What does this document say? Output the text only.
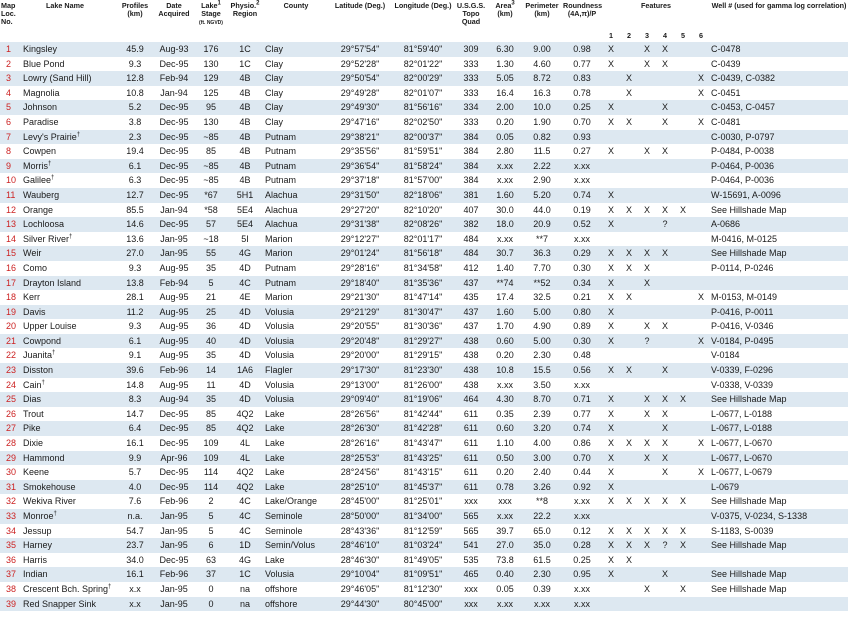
Map Loc. No.	Lake Name	Profiles (km)	Date Acquired	Lake$^1$ Stage
(ft. NGVD)	Physio.$^2$ Region	County	Latitude (Deg.)	Longitude (Deg.)	U.S.G.S. Topo Quad	Area$^3$
(km)	Perimeter (km)	Roundness (4A,π)/P	Features						Well # (used for gamma log correlation)
													1	2	3	4	5	6	
1	Kingsley	45.9	Aug-93	176	1C	Clay	29°57'54"	81°59'40"	309	6.30	9.00	0.98	X		X	X			C-0478
2	Blue Pond	9.3	Dec-95	130	1C	Clay	29°52'28"	82°01'22"	333	1.30	4.60	0.77	X		X	X			C-0439
3	Lowry (Sand Hill)	12.8	Feb-94	129	4B	Clay	29°50'54"	82°00'29"	333	5.05	8.72	0.83		X				X	C-0439, C-0382
4	Magnolia	10.8	Jan-94	125	4B	Clay	29°49'28"	82°01'07"	333	16.4	16.3	0.78		X				X	C-0451
5	Johnson	5.2	Dec-95	95	4B	Clay	29°49'30"	81°56'16"	334	2.00	10.0	0.25	X			X			C-0453, C-0457
6	Paradise	3.8	Dec-95	130	4B	Clay	29°47'16"	82°02'50"	333	0.20	1.90	0.70	X	X		X		X	C-0481
7	Levy's Prairie†	2.3	Dec-95	~85	4B	Putnam	29°38'21"	82°00'37"	384	0.05	0.82	0.93							C-0030, P-0797
8	Cowpen	19.4	Dec-95	85	4B	Putnam	29°35'56"	81°59'51"	384	2.80	11.5	0.27	X		X	X			P-0484, P-0038
9	Morris†	6.1	Dec-95	~85	4B	Putnam	29°36'54"	81°58'24"	384	x.xx	2.22	x.xx							P-0464, P-0036
10	Galilee†	6.3	Dec-95	~85	4B	Putnam	29°37'18"	81°57'00"	384	x.xx	2.90	x.xx							P-0464, P-0036
11	Wauberg	12.7	Dec-95	*67	5H1	Alachua	29°31'50"	82°18'06"	381	1.60	5.20	0.74	X						W-15691, A-0096
12	Orange	85.5	Jan-94	*58	5E4	Alachua	29°27'20"	82°10'20"	407	30.0	44.0	0.19	X	X	X	X	X		See Hillshade Map
13	Lochloosa	14.6	Dec-95	57	5E4	Alachua	29°31'38"	82°08'26"	382	18.0	20.9	0.52	X			?			A-0686
14	Silver River†	13.6	Jan-95	~18	5I	Marion	29°12'27"	82°01'17"	484	x.xx	**7	x.xx							M-0416, M-0125
15	Weir	27.0	Jan-95	55	4G	Marion	29°01'24"	81°56'18"	484	30.7	36.3	0.29	X	X	X	X			See Hillshade Map
16	Como	9.3	Aug-95	35	4D	Putnam	29°28'16"	81°34'58"	412	1.40	7.70	0.30	X	X	X				P-0114, P-0246
17	Drayton Island	13.8	Feb-94	5	4C	Putnam	29°18'40"	81°35'36"	437	**74	**52	0.34	X		X				
18	Kerr	28.1	Aug-95	21	4E	Marion	29°21'30"	81°47'14"	435	17.4	32.5	0.21	X	X				X	M-0153, M-0149
19	Davis	11.2	Aug-95	25	4D	Volusia	29°21'29"	81°30'47"	437	1.60	5.00	0.80	X						P-0416, P-0011
20	Upper Louise	9.3	Aug-95	36	4D	Volusia	29°20'55"	81°30'36"	437	1.70	4.90	0.89	X		X	X			P-0416, V-0346
21	Cowpond	6.1	Aug-95	40	4D	Volusia	29°20'48"	81°29'27"	438	0.60	5.00	0.30	X		?			X	V-0184, P-0495
22	Juanita†	9.1	Aug-95	35	4D	Volusia	29°20'00"	81°29'15"	438	0.20	2.30	0.48							V-0184
23	Disston	39.6	Feb-96	14	1A6	Flagler	29°17'30"	81°23'30"	438	10.8	15.5	0.56	X	X		X			V-0339, F-0296
24	Cain†	14.8	Aug-95	11	4D	Volusia	29°13'00"	81°26'00"	438	x.xx	3.50	x.xx							V-0338, V-0339
25	Dias	8.3	Aug-94	35	4D	Volusia	29°09'40"	81°19'06"	464	4.30	8.70	0.71	X		X	X	X		See Hillshade Map
26	Trout	14.7	Dec-95	85	4Q2	Lake	28°26'56"	81°42'44"	611	0.35	2.39	0.77	X		X	X			L-0677, L-0188
27	Pike	6.4	Dec-95	85	4Q2	Lake	28°26'30"	81°42'28"	611	0.60	3.20	0.74	X			X			L-0677, L-0188
28	Dixie	16.1	Dec-95	109	4L	Lake	28°26'16"	81°43'47"	611	1.10	4.00	0.86	X	X	X	X		X	L-0677, L-0670
29	Hammond	9.9	Apr-96	109	4L	Lake	28°25'53"	81°43'25"	611	0.50	3.00	0.70	X		X	X			L-0677, L-0670
30	Keene	5.7	Dec-95	114	4Q2	Lake	28°24'56"	81°43'15"	611	0.20	2.40	0.44	X			X		X	L-0677, L-0679
31	Smokehouse	4.0	Dec-95	114	4Q2	Lake	28°25'10"	81°45'37"	611	0.78	3.26	0.92	X						L-0679
32	Wekiva River	7.6	Feb-96	2	4C	Lake/Orange	28°45'00"	81°25'01"	xxx	xxx	**8	x.xx	X	X	X	X	X		See Hillshade Map
33	Monroe†	n.a.	Jan-95	5	4C	Seminole	28°50'00"	81°34'00"	565	x.xx	22.2	x.xx							V-0375, V-0234, S-1338
34	Jessup	54.7	Jan-95	5	4C	Seminole	28°43'36"	81°12'59"	565	39.7	65.0	0.12	X	X	X	X	X		S-1183, S-0039
35	Harney	23.7	Jan-95	6	1D	Semin/Volus	28°46'10"	81°03'24"	541	27.0	35.0	0.28	X	X	X	?	X		See Hillshade Map
36	Harris	34.0	Dec-95	63	4G	Lake	28°46'30"	81°49'05"	535	73.8	61.5	0.25	X	X					
37	Indian	16.1	Feb-96	37	1C	Volusia	29°10'04"	81°09'51"	465	0.40	2.30	0.95	X			X			See Hillshade Map
38	Crescent Bch. Spring†	x.x	Jan-95	0	na	offshore	29°46'05"	81°12'30"	xxx	0.05	0.39	x.xx			X		X		See Hillshade Map
39	Red Snapper Sink	x.x	Jan-95	0	na	offshore	29°44'30"	80°45'00"	xxx	x.xx	x.xx	x.xx							
